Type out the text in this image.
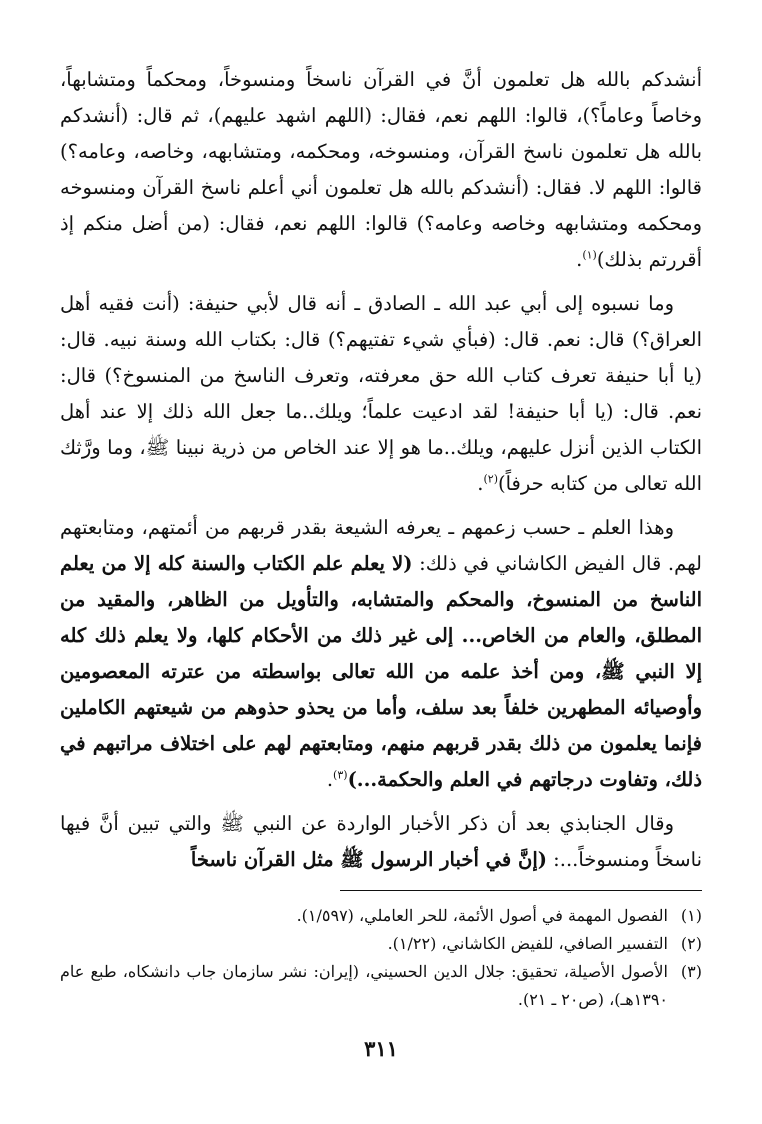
أنشدكم بالله هل تعلمون أنَّ في القرآن ناسخاً ومنسوخاً، ومحكماً ومتشابهاً، وخاصاً وعاماً؟)، قالوا: اللهم نعم، فقال: (اللهم اشهد عليهم)، ثم قال: (أنشدكم بالله هل تعلمون ناسخ القرآن، ومنسوخه، ومحكمه، ومتشابهه، وخاصه، وعامه؟) قالوا: اللهم لا. فقال: (أنشدكم بالله هل تعلمون أني أعلم ناسخ القرآن ومنسوخه ومحكمه ومتشابهه وخاصه وعامه؟) قالوا: اللهم نعم، فقال: (من أضل منكم إذ أقررتم بذلك)$^{(١)}$.

وما نسبوه إلى أبي عبد الله ـ الصادق ـ أنه قال لأبي حنيفة: (أنت فقيه أهل العراق؟) قال: نعم. قال: (فبأي شيء تفتيهم؟) قال: بكتاب الله وسنة نبيه. قال: (يا أبا حنيفة تعرف كتاب الله حق معرفته، وتعرف الناسخ من المنسوخ؟) قال: نعم. قال: (يا أبا حنيفة! لقد ادعيت علماً؛ ويلك..ما جعل الله ذلك إلا عند أهل الكتاب الذين أنزل عليهم، ويلك..ما هو إلا عند الخاص من ذرية نبينا ﷺ، وما ورَّثك الله تعالى من كتابه حرفاً)$^{(٢)}$.

وهذا العلم ـ حسب زعمهم ـ يعرفه الشيعة بقدر قربهم من أئمتهم، ومتابعتهم لهم. قال الفيض الكاشاني في ذلك: (لا يعلم علم الكتاب والسنة كله إلا من يعلم الناسخ من المنسوخ، والمحكم والمتشابه، والتأويل من الظاهر، والمقيد من المطلق، والعام من الخاص... إلى غير ذلك من الأحكام كلها، ولا يعلم ذلك كله إلا النبي ﷺ، ومن أخذ علمه من الله تعالى بواسطته من عترته المعصومين وأوصيائه المطهرين خلفاً بعد سلف، وأما من يحذو حذوهم من شيعتهم الكاملين فإنما يعلمون من ذلك بقدر قربهم منهم، ومتابعتهم لهم على اختلاف مراتبهم في ذلك، وتفاوت درجاتهم في العلم والحكمة...)$^{(٣)}$.

وقال الجنابذي بعد أن ذكر الأخبار الواردة عن النبي ﷺ والتي تبين أنَّ فيها ناسخاً ومنسوخاً...: (إنَّ في أخبار الرسول ﷺ مثل القرآن ناسخاً

(١)
الفصول المهمة في أصول الأئمة، للحر العاملي، (١/٥٩٧).
(٢)
التفسير الصافي، للفيض الكاشاني، (١/٢٢).
(٣)
الأصول الأصيلة، تحقيق: جلال الدين الحسيني، (إيران: نشر سازمان جاب دانشكاه، طبع عام ١٣٩٠هـ)، (ص٢٠ ـ ٢١).
٣١١
